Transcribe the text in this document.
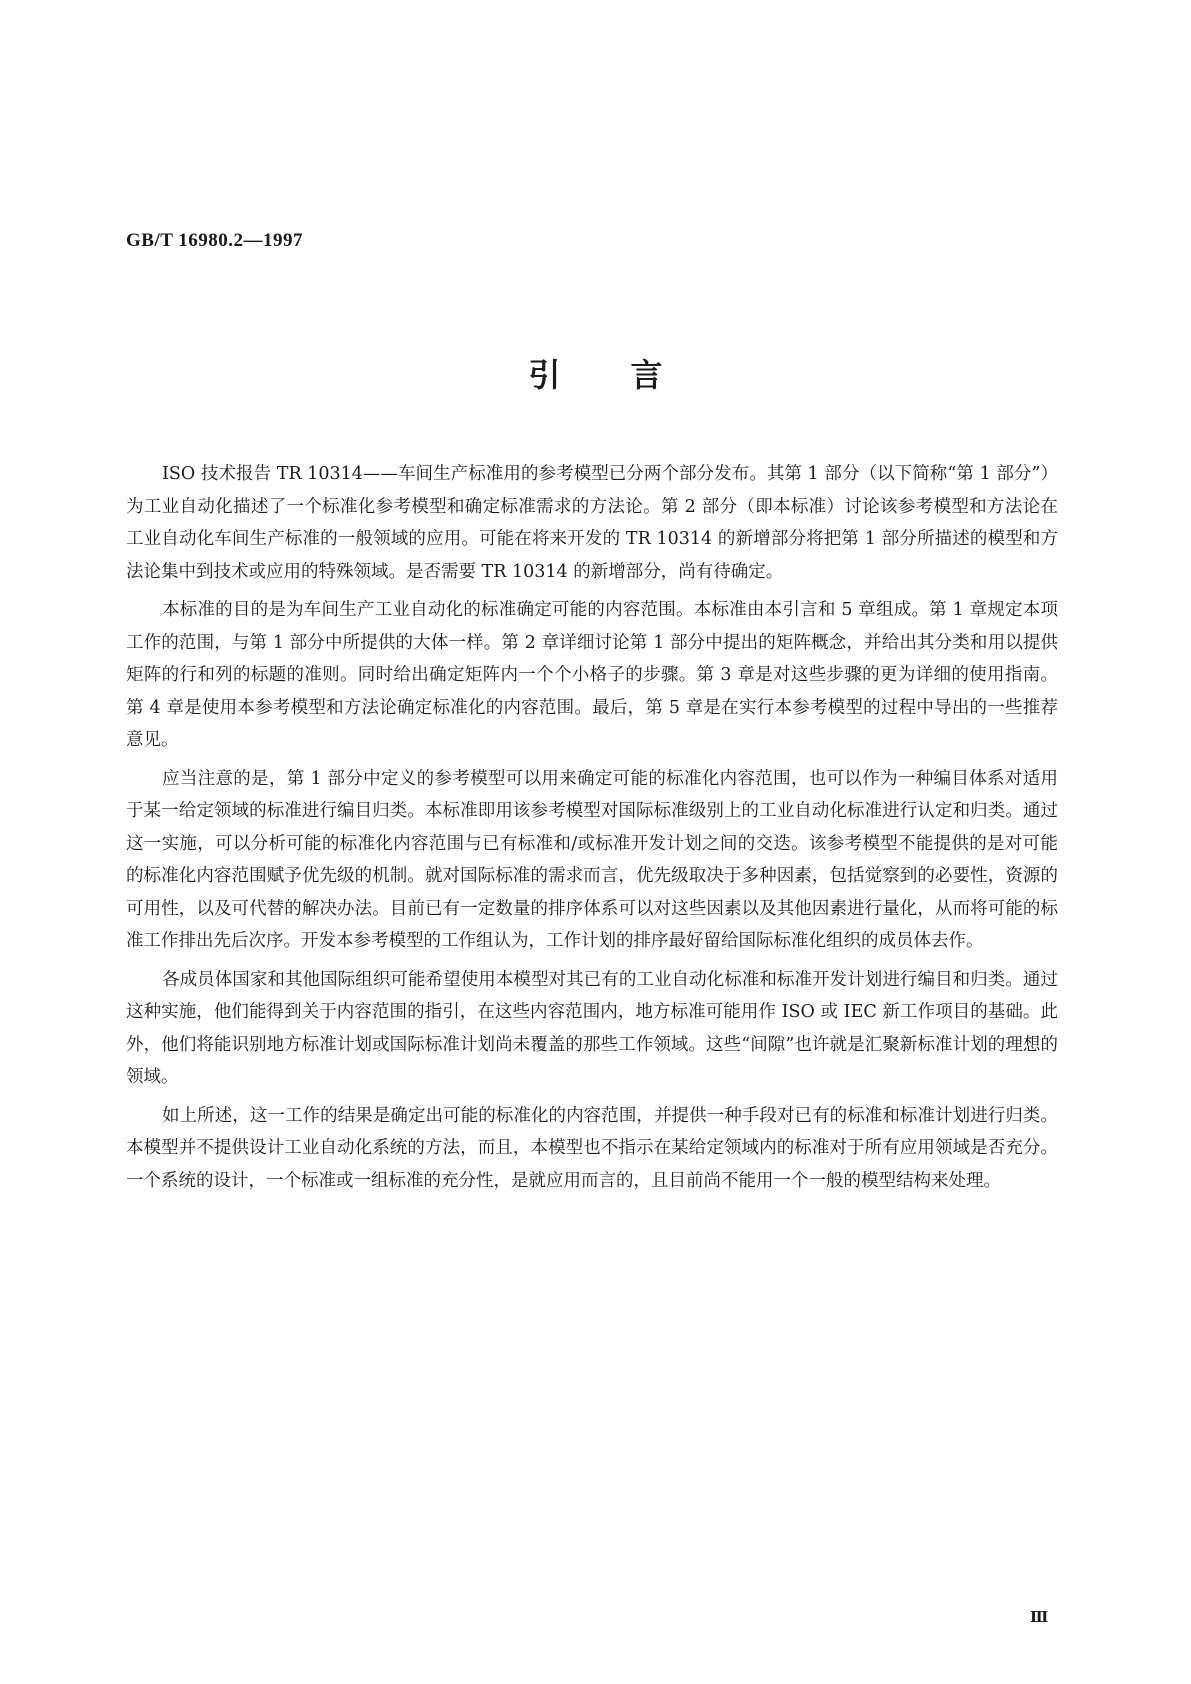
GB/T 16980.2—1997
引言

ISO 技术报告 TR 10314——车间生产标准用的参考模型已分两个部分发布。其第 1 部分（以下简称“第 1 部分”）为工业自动化描述了一个标准化参考模型和确定标准需求的方法论。第 2 部分（即本标准）讨论该参考模型和方法论在工业自动化车间生产标准的一般领域的应用。可能在将来开发的 TR 10314 的新增部分将把第 1 部分所描述的模型和方法论集中到技术或应用的特殊领域。是否需要 TR 10314 的新增部分，尚有待确定。

本标准的目的是为车间生产工业自动化的标准确定可能的内容范围。本标准由本引言和 5 章组成。第 1 章规定本项工作的范围，与第 1 部分中所提供的大体一样。第 2 章详细讨论第 1 部分中提出的矩阵概念，并给出其分类和用以提供矩阵的行和列的标题的准则。同时给出确定矩阵内一个个小格子的步骤。第 3 章是对这些步骤的更为详细的使用指南。第 4 章是使用本参考模型和方法论确定标准化的内容范围。最后，第 5 章是在实行本参考模型的过程中导出的一些推荐意见。

应当注意的是，第 1 部分中定义的参考模型可以用来确定可能的标准化内容范围，也可以作为一种编目体系对适用于某一给定领域的标准进行编目归类。本标准即用该参考模型对国际标准级别上的工业自动化标准进行认定和归类。通过这一实施，可以分析可能的标准化内容范围与已有标准和/或标准开发计划之间的交迭。该参考模型不能提供的是对可能的标准化内容范围赋予优先级的机制。就对国际标准的需求而言，优先级取决于多种因素，包括觉察到的必要性，资源的可用性，以及可代替的解决办法。目前已有一定数量的排序体系可以对这些因素以及其他因素进行量化，从而将可能的标准工作排出先后次序。开发本参考模型的工作组认为，工作计划的排序最好留给国际标准化组织的成员体去作。

各成员体国家和其他国际组织可能希望使用本模型对其已有的工业自动化标准和标准开发计划进行编目和归类。通过这种实施，他们能得到关于内容范围的指引，在这些内容范围内，地方标准可能用作 ISO 或 IEC 新工作项目的基础。此外，他们将能识别地方标准计划或国际标准计划尚未覆盖的那些工作领域。这些“间隙”也许就是汇聚新标准计划的理想的领域。

如上所述，这一工作的结果是确定出可能的标准化的内容范围，并提供一种手段对已有的标准和标准计划进行归类。本模型并不提供设计工业自动化系统的方法，而且，本模型也不指示在某给定领域内的标准对于所有应用领域是否充分。一个系统的设计，一个标准或一组标准的充分性，是就应用而言的，且目前尚不能用一个一般的模型结构来处理。

Ⅲ
